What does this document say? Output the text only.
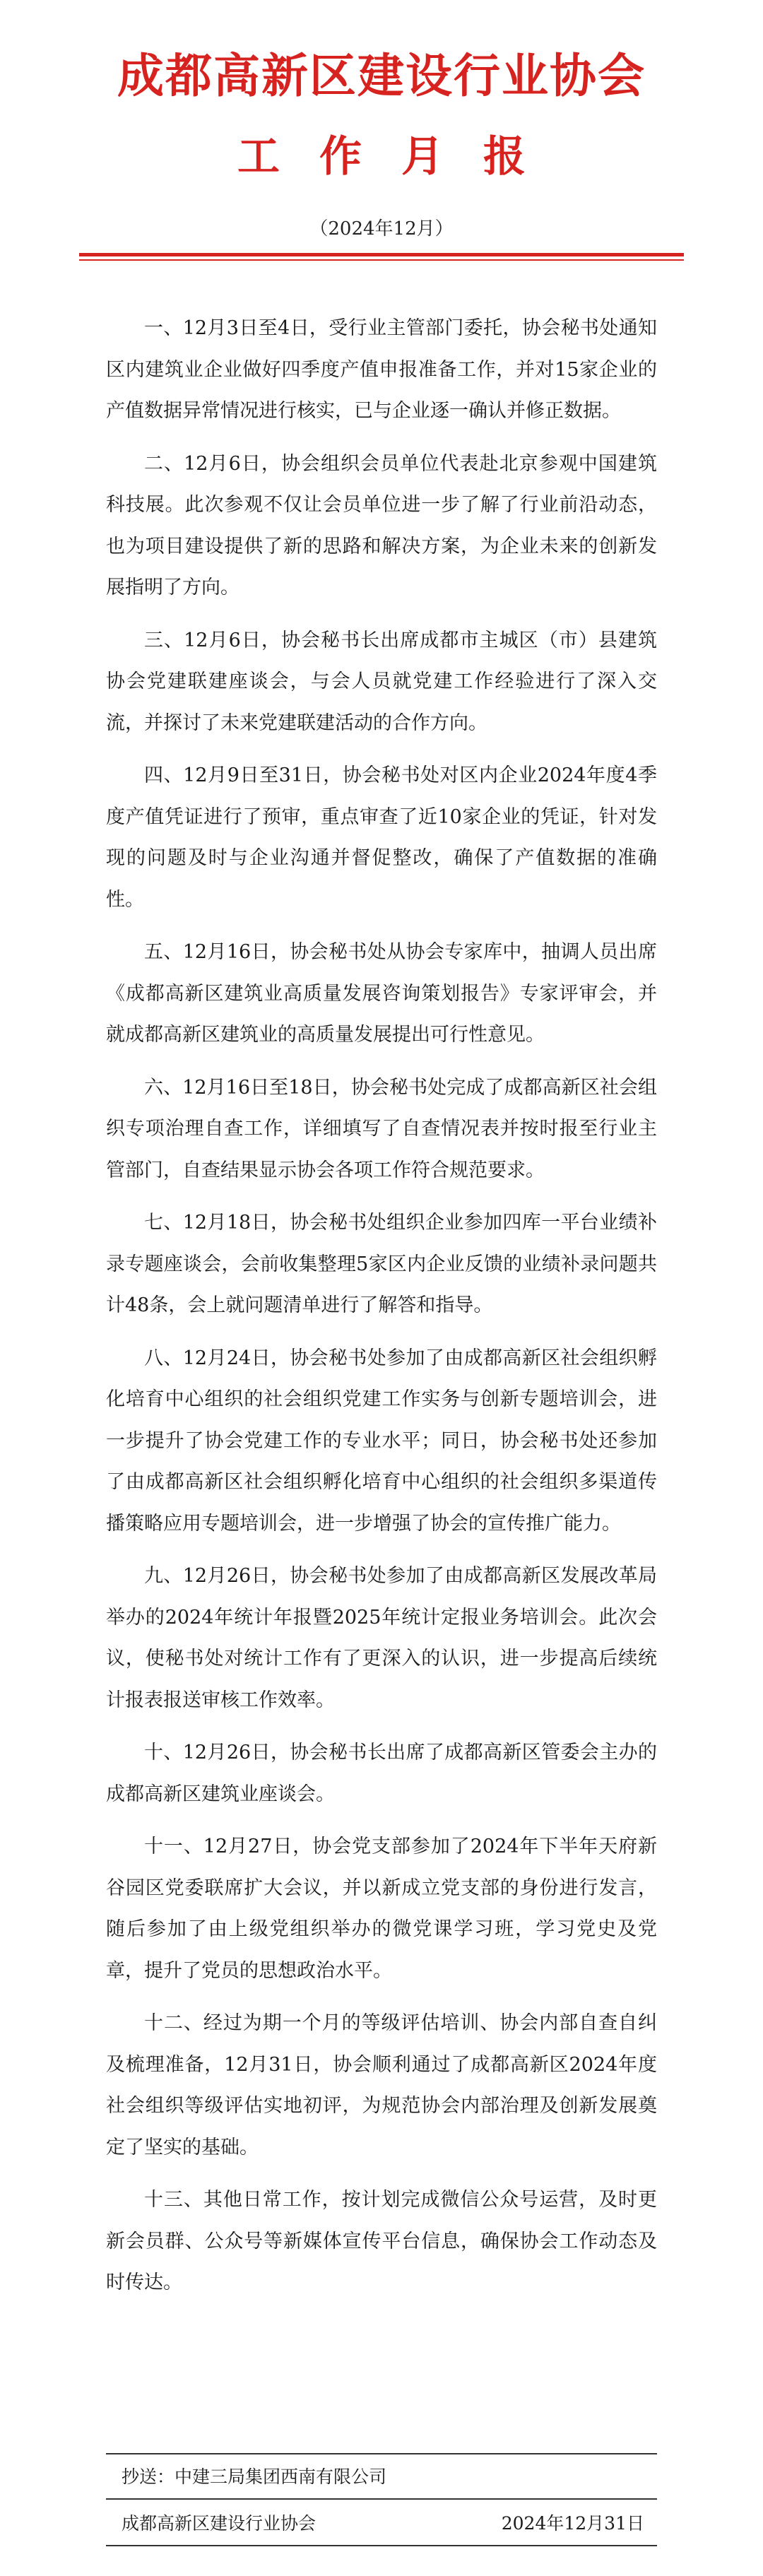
成都高新区建设行业协会
工作月报
（2024年12月）

一、12月3日至4日，受行业主管部门委托，协会秘书处通知区内建筑业企业做好四季度产值申报准备工作，并对15家企业的产值数据异常情况进行核实，已与企业逐一确认并修正数据。

二、12月6日，协会组织会员单位代表赴北京参观中国建筑科技展。此次参观不仅让会员单位进一步了解了行业前沿动态，也为项目建设提供了新的思路和解决方案，为企业未来的创新发展指明了方向。

三、12月6日，协会秘书长出席成都市主城区（市）县建筑协会党建联建座谈会，与会人员就党建工作经验进行了深入交流，并探讨了未来党建联建活动的合作方向。

四、12月9日至31日，协会秘书处对区内企业2024年度4季度产值凭证进行了预审，重点审查了近10家企业的凭证，针对发现的问题及时与企业沟通并督促整改，确保了产值数据的准确性。

五、12月16日，协会秘书处从协会专家库中，抽调人员出席《成都高新区建筑业高质量发展咨询策划报告》专家评审会，并就成都高新区建筑业的高质量发展提出可行性意见。

六、12月16日至18日，协会秘书处完成了成都高新区社会组织专项治理自查工作，详细填写了自查情况表并按时报至行业主管部门，自查结果显示协会各项工作符合规范要求。

七、12月18日，协会秘书处组织企业参加四库一平台业绩补录专题座谈会，会前收集整理5家区内企业反馈的业绩补录问题共计48条，会上就问题清单进行了解答和指导。

八、12月24日，协会秘书处参加了由成都高新区社会组织孵化培育中心组织的社会组织党建工作实务与创新专题培训会，进一步提升了协会党建工作的专业水平；同日，协会秘书处还参加了由成都高新区社会组织孵化培育中心组织的社会组织多渠道传播策略应用专题培训会，进一步增强了协会的宣传推广能力。

九、12月26日，协会秘书处参加了由成都高新区发展改革局举办的2024年统计年报暨2025年统计定报业务培训会。此次会议，使秘书处对统计工作有了更深入的认识，进一步提高后续统计报表报送审核工作效率。

十、12月26日，协会秘书长出席了成都高新区管委会主办的成都高新区建筑业座谈会。

十一、12月27日，协会党支部参加了2024年下半年天府新谷园区党委联席扩大会议，并以新成立党支部的身份进行发言，随后参加了由上级党组织举办的微党课学习班，学习党史及党章，提升了党员的思想政治水平。

十二、经过为期一个月的等级评估培训、协会内部自查自纠及梳理准备，12月31日，协会顺利通过了成都高新区2024年度社会组织等级评估实地初评，为规范协会内部治理及创新发展奠定了坚实的基础。

十三、其他日常工作，按计划完成微信公众号运营，及时更新会员群、公众号等新媒体宣传平台信息，确保协会工作动态及时传达。

抄送：中建三局集团西南有限公司
成都高新区建设行业协会	2024年12月31日
